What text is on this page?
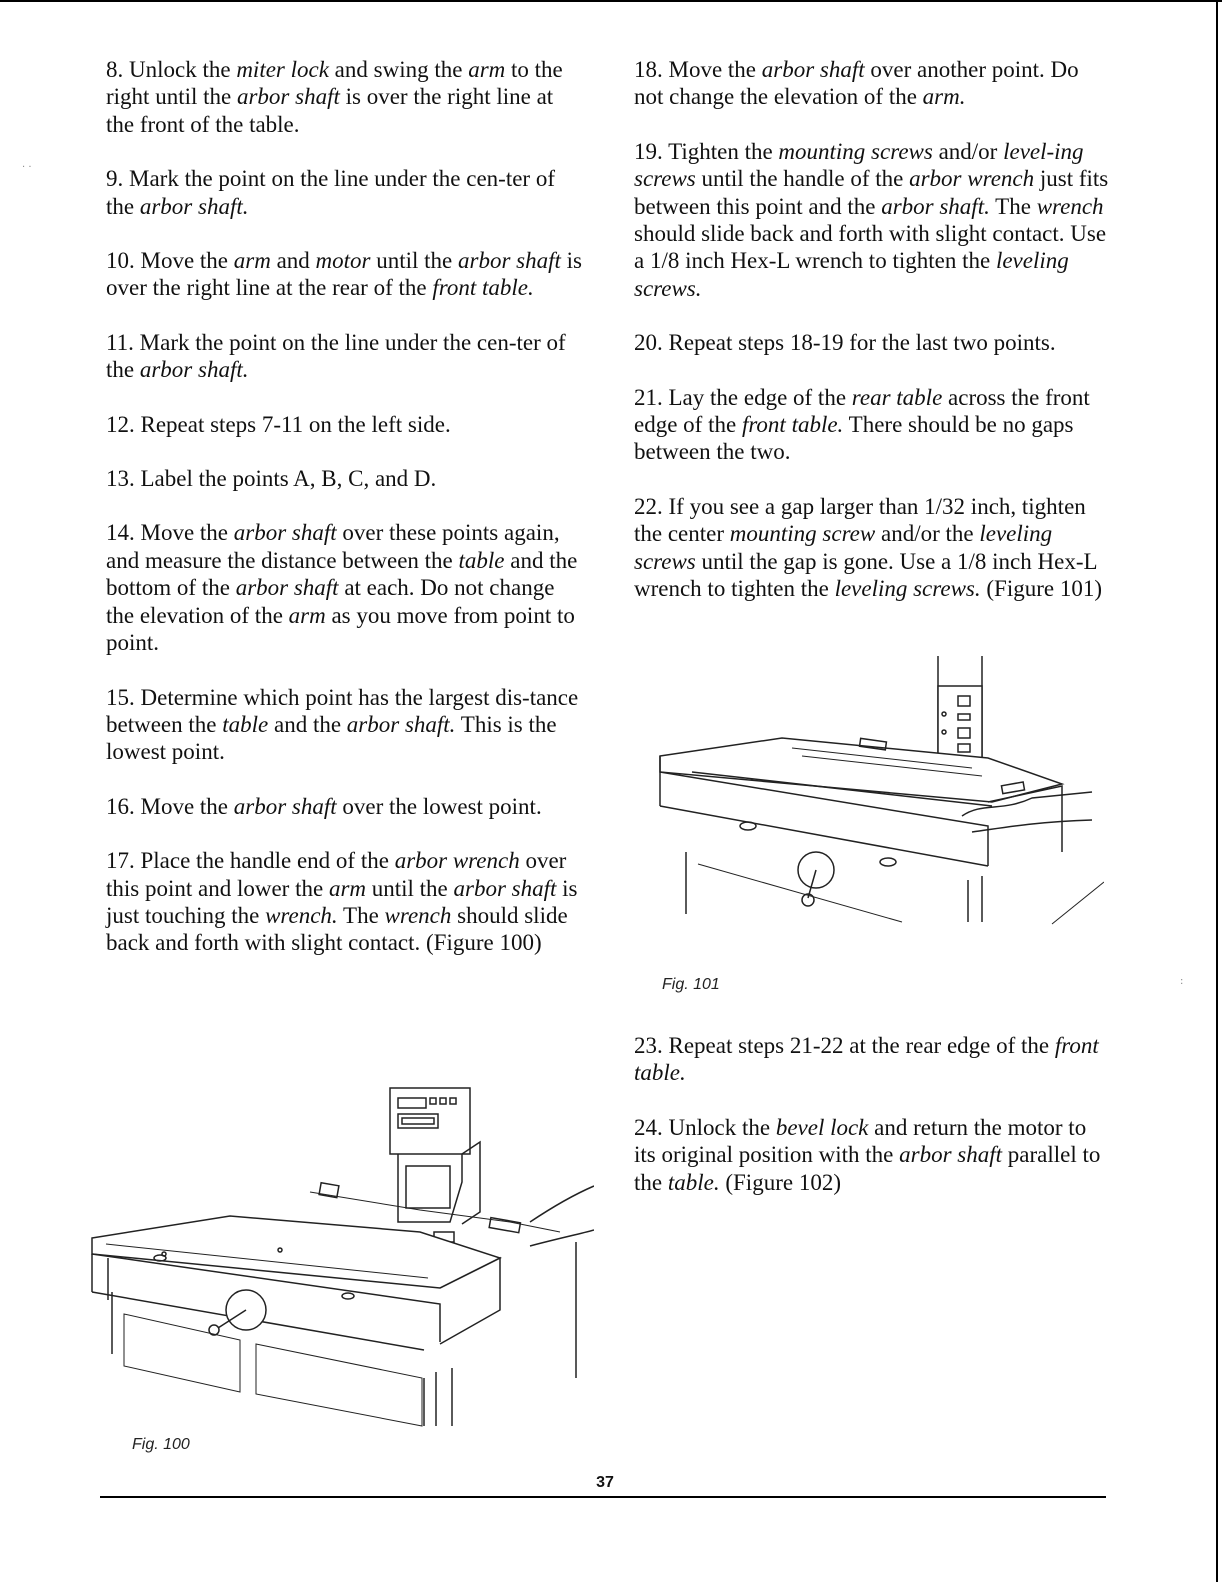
· ·
:

8. Unlock the miter lock and swing the arm to the right until the arbor shaft is over the right line at the front of the table.

9. Mark the point on the line under the cen-ter of the arbor shaft.

10. Move the arm and motor until the arbor shaft is over the right line at the rear of the front table.

11. Mark the point on the line under the cen-ter of the arbor shaft.

12. Repeat steps 7-11 on the left side.

13. Label the points A, B, C, and D.

14. Move the arbor shaft over these points again, and measure the distance between the table and the bottom of the arbor shaft at each. Do not change the elevation of the arm as you move from point to point.

15. Determine which point has the largest dis-tance between the table and the arbor shaft. This is the lowest point.

16. Move the arbor shaft over the lowest point.

17. Place the handle end of the arbor wrench over this point and lower the arm until the arbor shaft is just touching the wrench. The wrench should slide back and forth with slight contact. (Figure 100)

18. Move the arbor shaft over another point. Do not change the elevation of the arm.

19. Tighten the mounting screws and/or level-ing screws until the handle of the arbor wrench just fits between this point and the arbor shaft. The wrench should slide back and forth with slight contact. Use a 1/8 inch Hex-L wrench to tighten the leveling screws.

20. Repeat steps 18-19 for the last two points.

21. Lay the edge of the rear table across the front edge of the front table. There should be no gaps between the two.

22. If you see a gap larger than 1/32 inch, tighten the center mounting screw and/or the leveling screws until the gap is gone. Use a 1/8 inch Hex-L wrench to tighten the leveling screws. (Figure 101)

23. Repeat steps 21-22 at the rear edge of the front table.

24. Unlock the bevel lock and return the motor to its original position with the arbor shaft parallel to the table. (Figure 102)

Fig. 101
Fig. 100
37
